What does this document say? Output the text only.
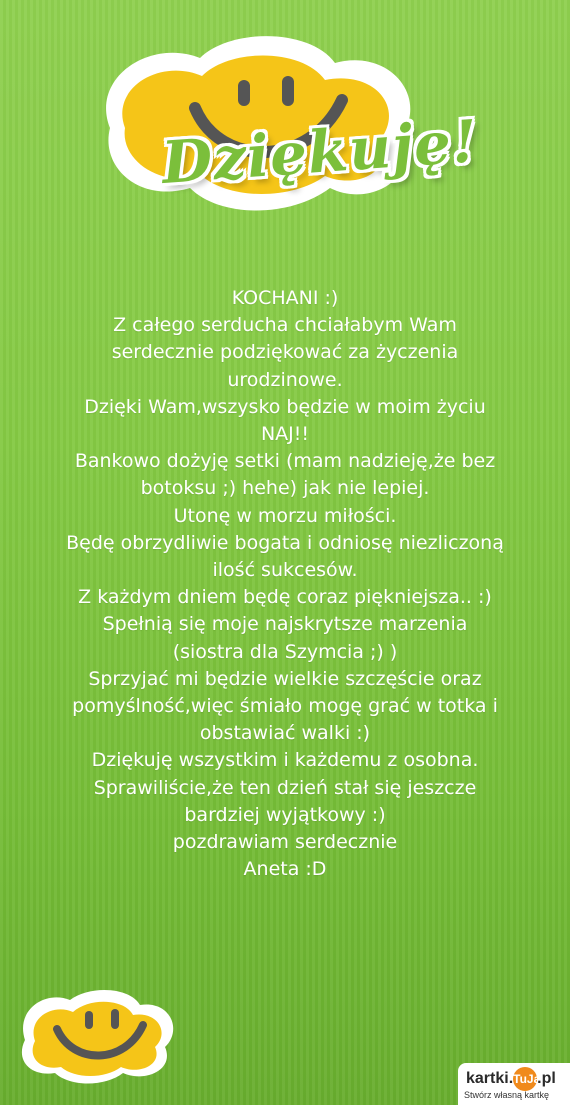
Dziękuję!
KOCHANI :)
Z całego serducha chciałabym Wam
serdecznie podziękować za życzenia
urodzinowe.
Dzięki Wam,wszysko będzie w moim życiu
NAJ!!
Bankowo dożyję setki (mam nadzieję,że bez
botoksu ;) hehe) jak nie lepiej.
Utonę w morzu miłości.
Będę obrzydliwie bogata i odniosę niezliczoną
ilość sukcesów.
Z każdym dniem będę coraz piękniejsza.. :)
Spełnią się moje najskrytsze marzenia
(siostra dla Szymcia ;) )
Sprzyjać mi będzie wielkie szczęście oraz
pomyślność,więc śmiało mogę grać w totka i
obstawiać walki :)
Dziękuję wszystkim i każdemu z osobna.
Sprawiliście,że ten dzień stał się jeszcze
bardziej wyjątkowy :)
pozdrawiam serdecznie
Aneta :D
kartki.TuJa.pl
Stwórz własną kartkę
